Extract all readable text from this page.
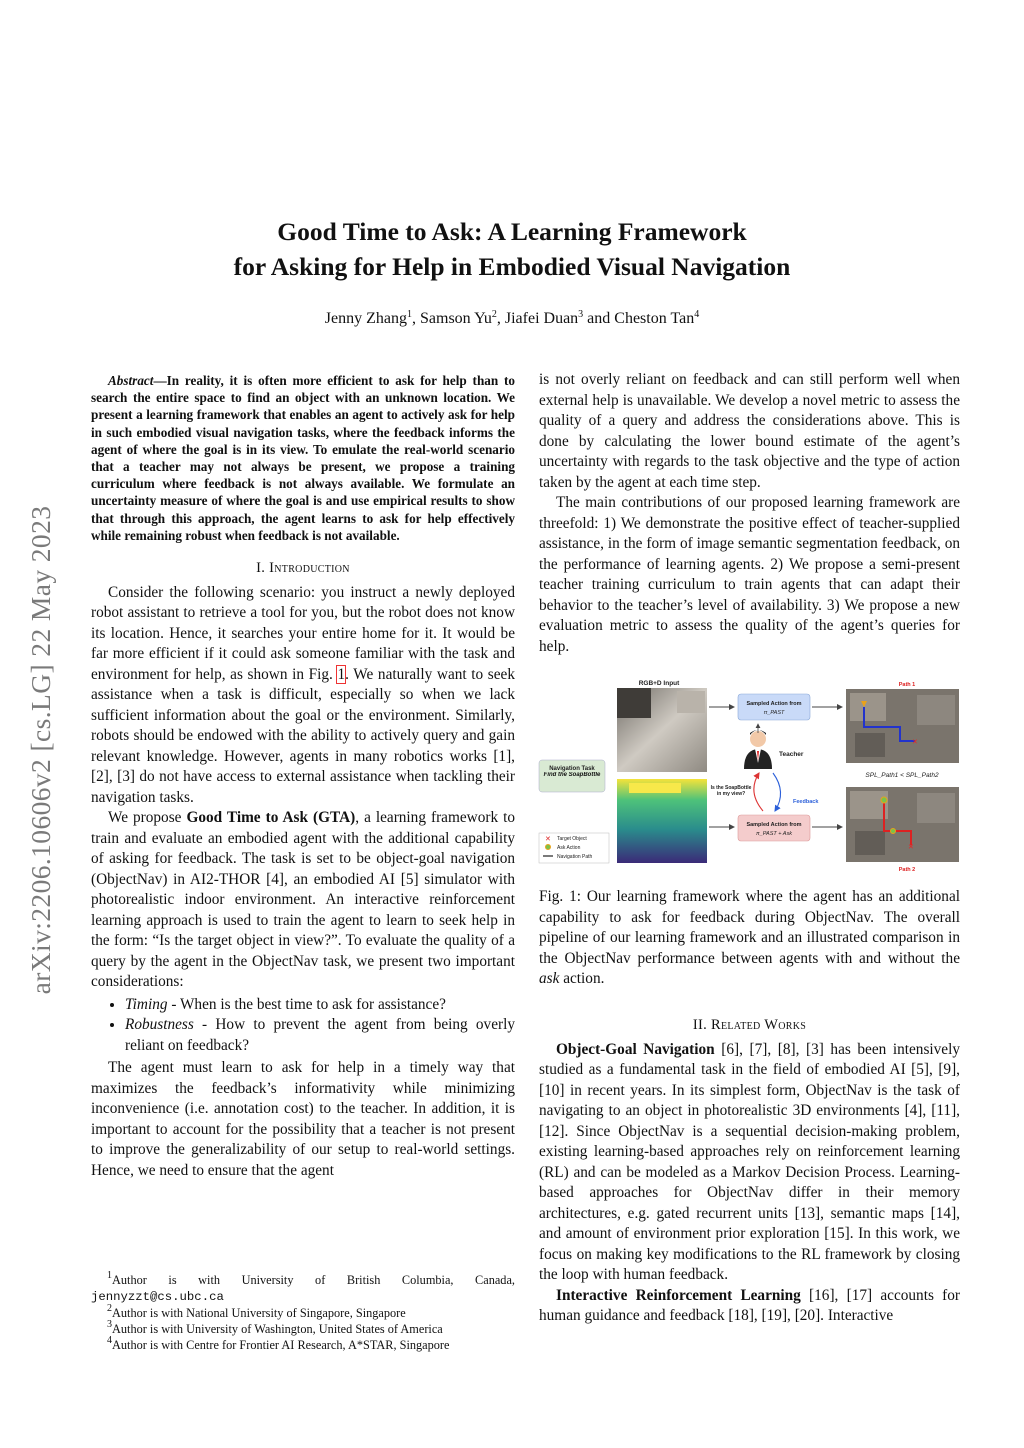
arXiv:2206.10606v2 [cs.LG] 22 May 2023
Good Time to Ask: A Learning Framework
for Asking for Help in Embodied Visual Navigation
Jenny Zhang$^1$, Samson Yu$^2$, Jiafei Duan$^3$ and Cheston Tan$^4$

Abstract—In reality, it is often more efficient to ask for help than to search the entire space to find an object with an unknown location. We present a learning framework that enables an agent to actively ask for help in such embodied visual navigation tasks, where the feedback informs the agent of where the goal is in its view. To emulate the real-world scenario that a teacher may not always be present, we propose a training curriculum where feedback is not always available. We formulate an uncertainty measure of where the goal is and use empirical results to show that through this approach, the agent learns to ask for help effectively while remaining robust when feedback is not available.

I. Introduction

Consider the following scenario: you instruct a newly deployed robot assistant to retrieve a tool for you, but the robot does not know its location. Hence, it searches your entire home for it. It would be far more efficient if it could ask someone familiar with the task and environment for help, as shown in Fig. 1. We naturally want to seek assistance when a task is difficult, especially so when we lack sufficient information about the goal or the environment. Similarly, robots should be endowed with the ability to actively query and gain relevant knowledge. However, agents in many robotics works [1], [2], [3] do not have access to external assistance when tackling their navigation tasks.

We propose Good Time to Ask (GTA), a learning framework to train and evaluate an embodied agent with the additional capability of asking for feedback. The task is set to be object-goal navigation (ObjectNav) in AI2-THOR [4], an embodied AI [5] simulator with photorealistic indoor environment. An interactive reinforcement learning approach is used to train the agent to learn to seek help in the form: “Is the target object in view?”. To evaluate the quality of a query by the agent in the ObjectNav task, we present two important considerations:

• Timing - When is the best time to ask for assistance?
• Robustness - How to prevent the agent from being overly reliant on feedback?

The agent must learn to ask for help in a timely way that maximizes the feedback’s informativity while minimizing inconvenience (i.e. annotation cost) to the teacher. In addition, it is important to account for the possibility that a teacher is not present to improve the generalizability of our setup to real-world settings. Hence, we need to ensure that the agent

$^1$Author is with University of British Columbia, Canada, jennyzzt@cs.ubc.ca

$^2$Author is with National University of Singapore, Singapore

$^3$Author is with University of Washington, United States of America

$^4$Author is with Centre for Frontier AI Research, A*STAR, Singapore

is not overly reliant on feedback and can still perform well when external help is unavailable. We develop a novel metric to assess the quality of a query and address the considerations above. This is done by calculating the lower bound estimate of the agent’s uncertainty with regards to the task objective and the type of action taken by the agent at each time step.

The main contributions of our proposed learning framework are threefold: 1) We demonstrate the positive effect of teacher-supplied assistance, in the form of image semantic segmentation feedback, on the performance of learning agents. 2) We propose a semi-present teacher training curriculum to train agents that can adapt their behavior to the teacher’s level of availability. 3) We propose a new evaluation metric to assess the quality of the agent’s queries for help.

RGB+D Input
Navigation Task
Find the SoapBottle
✕ Target Object
Ask Action
Navigation Path
Sampled Action from
π_PAST
Sampled Action from
π_PAST + Ask
Teacher
Is the SoapBottle in my view?
Feedback
Path 1
✕
SPL_Path1 < SPL_Path2
✕
Path 2
Fig. 1: Our learning framework where the agent has an additional capability to ask for feedback during ObjectNav. The overall pipeline of our learning framework and an illustrated comparison in the ObjectNav performance between agents with and without the ask action.
II. Related Works

Object-Goal Navigation [6], [7], [8], [3] has been intensively studied as a fundamental task in the field of embodied AI [5], [9], [10] in recent years. In its simplest form, ObjectNav is the task of navigating to an object in photorealistic 3D environments [4], [11], [12]. Since ObjectNav is a sequential decision-making problem, existing learning-based approaches rely on reinforcement learning (RL) and can be modeled as a Markov Decision Process. Learning-based approaches for ObjectNav differ in their memory architectures, e.g. gated recurrent units [13], semantic maps [14], and amount of environment prior exploration [15]. In this work, we focus on making key modifications to the RL framework by closing the loop with human feedback.

Interactive Reinforcement Learning [16], [17] accounts for human guidance and feedback [18], [19], [20]. Interactive
